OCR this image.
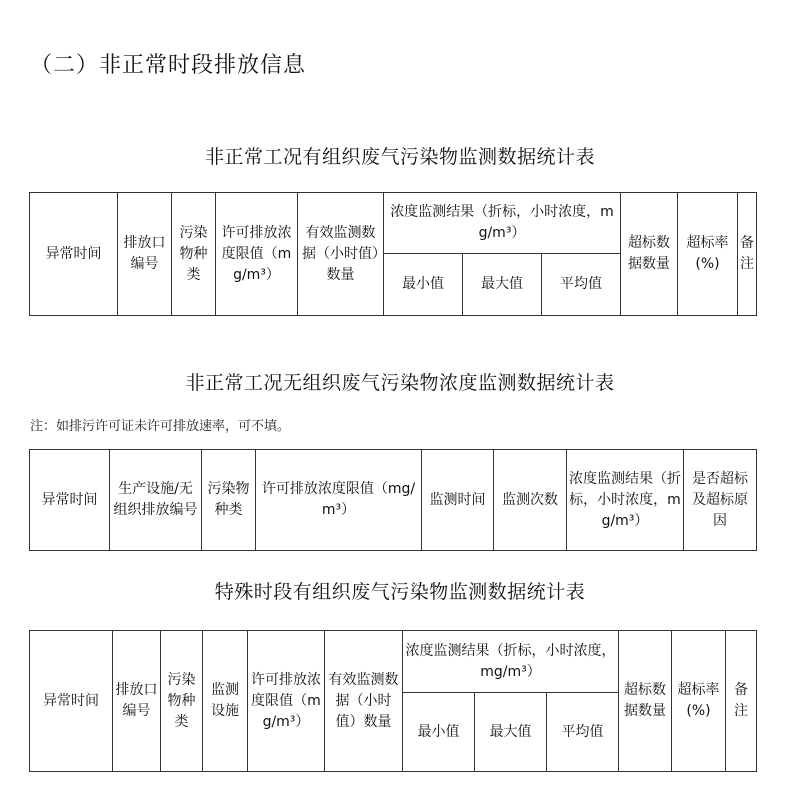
（二）非正常时段排放信息
非正常工况有组织废气污染物监测数据统计表
异常时间	排放口编号	污染物种类	许可排放浓度限值（mg/m³）	有效监测数据（小时值）数量	浓度监测结果（折标，小时浓度，mg/m³）			超标数据数量	超标率(%)	备注
					最小值	最大值	平均值			
非正常工况无组织废气污染物浓度监测数据统计表
注：如排污许可证未许可排放速率，可不填。
异常时间	生产设施/无组织排放编号	污染物种类	许可排放浓度限值（mg/m³）	监测时间	监测次数	浓度监测结果（折标，小时浓度，mg/m³）	是否超标及超标原因
特殊时段有组织废气污染物监测数据统计表
异常时间	排放口编号	污染物种类	监测设施	许可排放浓度限值（mg/m³）	有效监测数据（小时值）数量	浓度监测结果（折标，小时浓度，mg/m³）			超标数据数量	超标率(%)	备注
						最小值	最大值	平均值			
